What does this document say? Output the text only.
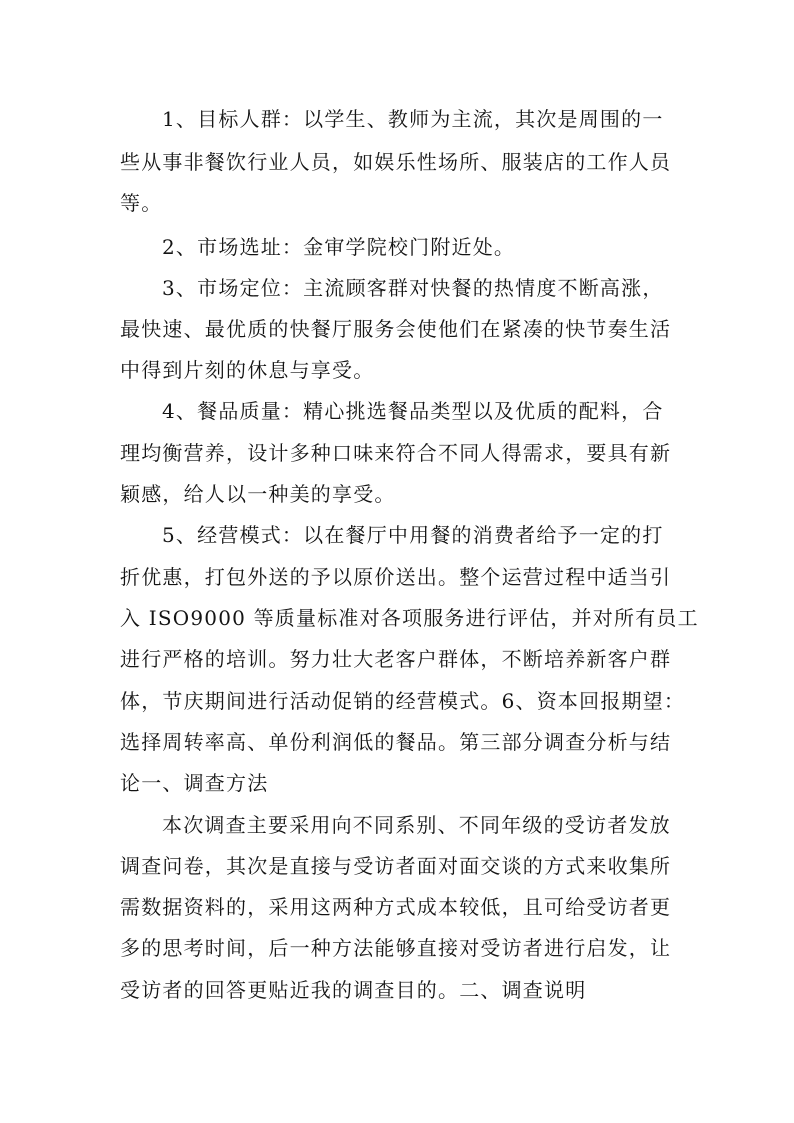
1、目标人群：以学生、教师为主流，其次是周围的一
些从事非餐饮行业人员，如娱乐性场所、服装店的工作人员
等。
2、市场选址：金审学院校门附近处。
3、市场定位：主流顾客群对快餐的热情度不断高涨，
最快速、最优质的快餐厅服务会使他们在紧凑的快节奏生活
中得到片刻的休息与享受。
4、餐品质量：精心挑选餐品类型以及优质的配料，合
理均衡营养，设计多种口味来符合不同人得需求，要具有新
颖感，给人以一种美的享受。
5、经营模式：以在餐厅中用餐的消费者给予一定的打
折优惠，打包外送的予以原价送出。整个运营过程中适当引
入 ISO9000 等质量标准对各项服务进行评估，并对所有员工
进行严格的培训。努力壮大老客户群体，不断培养新客户群
体，节庆期间进行活动促销的经营模式。6、资本回报期望：
选择周转率高、单份利润低的餐品。第三部分调查分析与结
论一、调查方法
本次调查主要采用向不同系别、不同年级的受访者发放
调查问卷，其次是直接与受访者面对面交谈的方式来收集所
需数据资料的，采用这两种方式成本较低，且可给受访者更
多的思考时间，后一种方法能够直接对受访者进行启发，让
受访者的回答更贴近我的调查目的。二、调查说明
